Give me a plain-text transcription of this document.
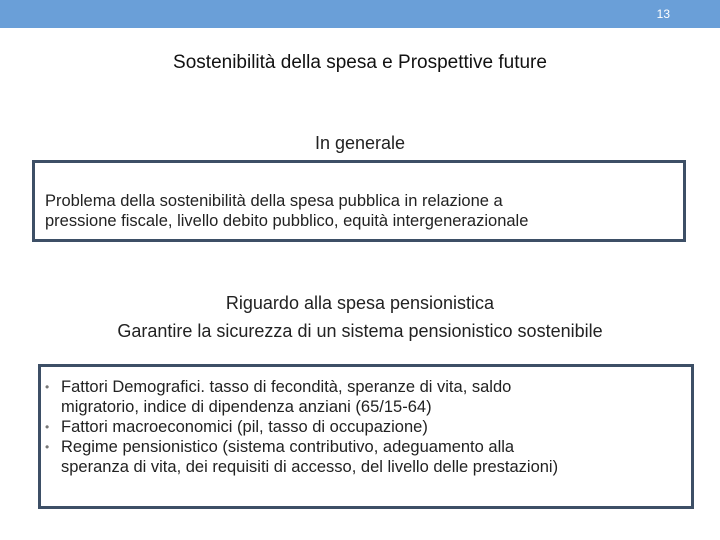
13
Sostenibilità della spesa e Prospettive future
In generale
Problema della sostenibilità della spesa pubblica in relazione a
pressione fiscale, livello debito pubblico, equità intergenerazionale
Riguardo alla spesa pensionistica
Garantire la sicurezza di un sistema pensionistico sostenibile
• Fattori Demografici. tasso di fecondità, speranze di vita, saldo
migratorio, indice di dipendenza anziani (65/15-64)
• Fattori macroeconomici (pil, tasso di occupazione)
• Regime pensionistico (sistema contributivo, adeguamento alla
speranza di vita, dei requisiti di accesso, del livello delle prestazioni)
